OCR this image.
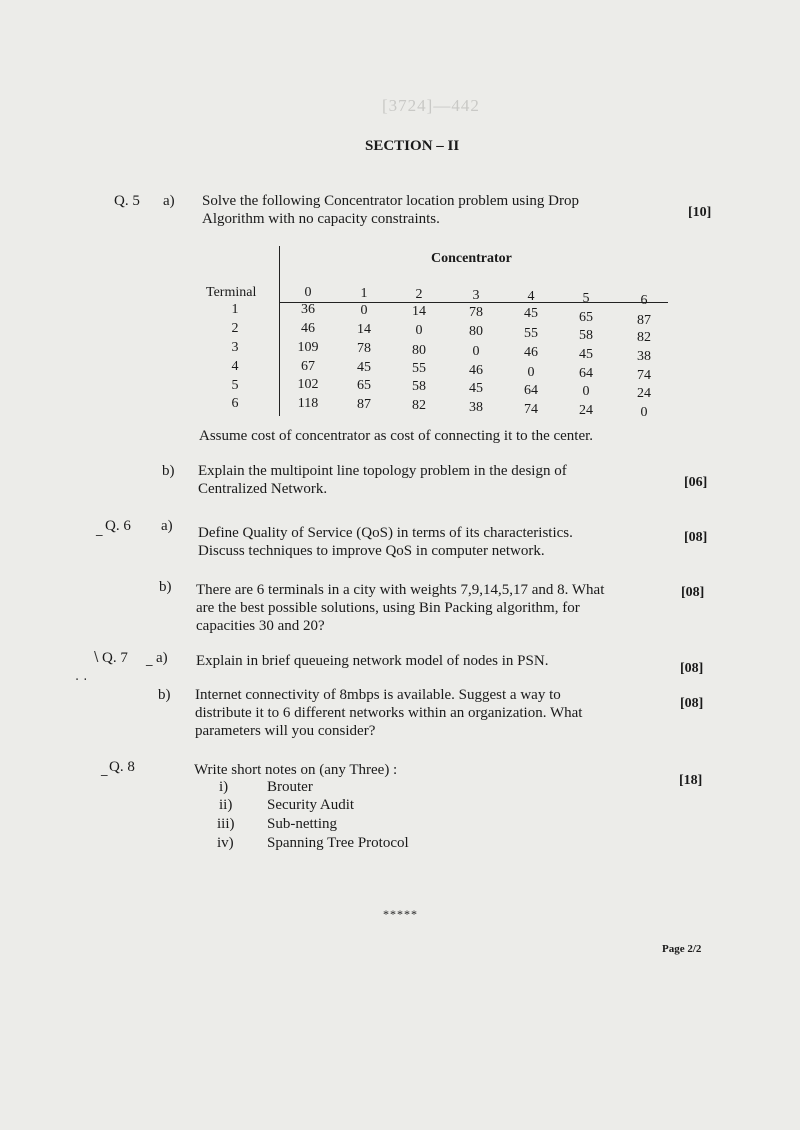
[3724]—442
SECTION – II
Q. 5 a) Solve the following Concentrator location problem using Drop
Algorithm with no capacity constraints.	[10]
Concentrator
Terminal	0	1	2	3	4	5	6
1	36	0	14	78	45	65	87
2	46	14	0	80	55	58	82
3	109	78	80	0	46	45	38
4	67	45	55	46	0	64	74
5	102	65	58	45	64	0	24
6	118	87	82	38	74	24	0
Assume cost of concentrator as cost of connecting it to the center.
b) Explain the multipoint line topology problem in the design of
Centralized Network.	[06]
_ Q. 6 a) Define Quality of Service (QoS) in terms of its characteristics.
Discuss techniques to improve QoS in computer network.
[08]
b) There are 6 terminals in a city with weights 7,9,14,5,17 and 8. What
are the best possible solutions, using Bin Packing algorithm, for
capacities 30 and 20?
[08]
\ Q. 7 _ a) Explain in brief queueing network model of nodes in PSN.	[08]
· ·
b) Internet connectivity of 8mbps is available. Suggest a way to
distribute it to 6 different networks within an organization. What
parameters will you consider?
[08]
_ Q. 8	Write short notes on (any Three) :
[18]
i)	Brouter
ii) Security Audit
iii) Sub-netting
iv) Spanning Tree Protocol
*****
Page 2/2
